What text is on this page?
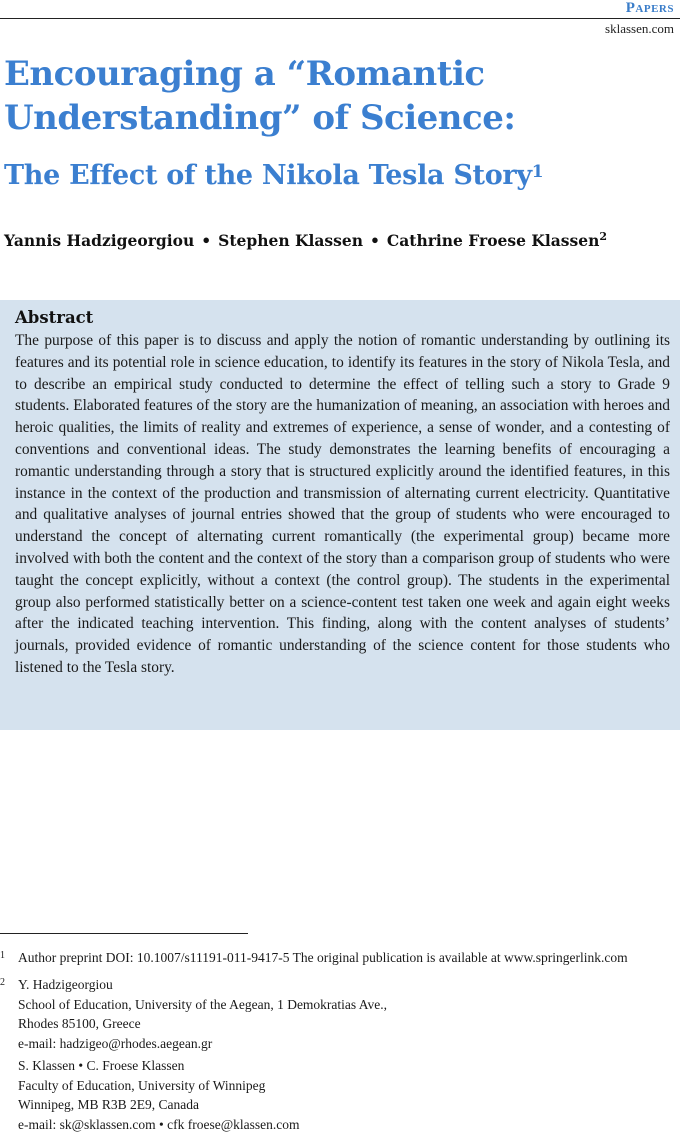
Papers
sklassen.com
Encouraging a “Romantic
Understanding” of Science:
The Effect of the Nikola Tesla Story$^1$
Yannis Hadzigeorgiou • Stephen Klassen • Cathrine Froese Klassen$^2$
Abstract

The purpose of this paper is to discuss and apply the notion of romantic understanding by outlining its features and its potential role in science education, to identify its features in the story of Nikola Tesla, and to describe an empirical study conducted to determine the effect of telling such a story to Grade 9 students. Elaborated features of the story are the humanization of meaning, an association with heroes and heroic qualities, the limits of reality and extremes of experience, a sense of wonder, and a contesting of conventions and conventional ideas. The study demonstrates the learning benefits of encouraging a romantic understanding through a story that is structured explicitly around the identified features, in this instance in the context of the production and transmission of alternating current electricity. Quantitative and qualitative analyses of journal entries showed that the group of students who were encouraged to understand the concept of alternating current romantically (the experimental group) became more involved with both the content and the context of the story than a comparison group of students who were taught the concept explicitly, without a context (the control group). The students in the experimental group also performed statistically better on a science-content test taken one week and again eight weeks after the indicated teaching intervention. This finding, along with the content analyses of students’ journals, provided evidence of romantic understanding of the science content for those students who listened to the Tesla story.

1 Author preprint DOI: 10.1007/s11191-011-9417-5 The original publication is available at www.springerlink.com
2 Y. Hadzigeorgiou
School of Education, University of the Aegean, 1 Demokratias Ave.,
Rhodes 85100, Greece
e-mail: hadzigeo@rhodes.aegean.gr
S. Klassen • C. Froese Klassen
Faculty of Education, University of Winnipeg
Winnipeg, MB R3B 2E9, Canada
e-mail: sk@sklassen.com • cfk froese@klassen.com
